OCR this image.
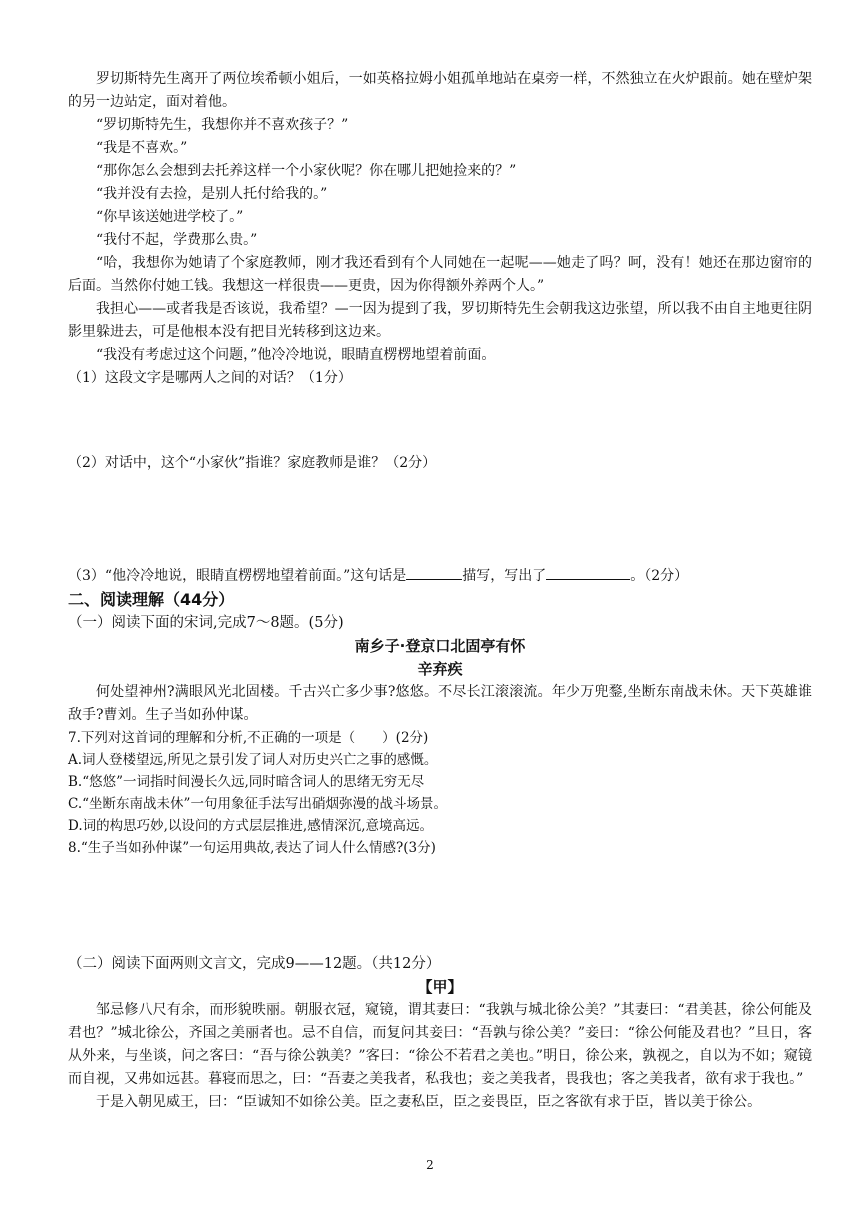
罗切斯特先生离开了两位埃希顿小姐后，一如英格拉姆小姐孤单地站在桌旁一样，不然独立在火炉跟前。她在壁炉架的另一边站定，面对着他。

“罗切斯特先生，我想你并不喜欢孩子？”

“我是不喜欢。”

“那你怎么会想到去托养这样一个小家伙呢？你在哪儿把她捡来的？”

“我并没有去捡，是别人托付给我的。”

“你早该送她进学校了。”

“我付不起，学费那么贵。”

“哈，我想你为她请了个家庭教师，刚才我还看到有个人同她在一起呢——她走了吗？呵，没有！她还在那边窗帘的后面。当然你付她工钱。我想这一样很贵——更贵，因为你得额外养两个人。”

我担心——或者我是否该说，我希望？—一因为提到了我，罗切斯特先生会朝我这边张望，所以我不由自主地更往阴影里躲进去，可是他根本没有把目光转移到这边来。

“我没有考虑过这个问题，”他冷冷地说，眼睛直楞楞地望着前面。

（1）这段文字是哪两人之间的对话？（1分）

（2）对话中，这个“小家伙”指谁？家庭教师是谁？（2分）

（3）“他冷冷地说，眼睛直楞楞地望着前面。”这句话是	描写，写出了	。（2分）

二、阅读理解（44分）

（一）阅读下面的宋词,完成7～8题。(5分)

南乡子·登京口北固亭有怀

辛弃疾

何处望神州?满眼风光北固楼。千古兴亡多少事?悠悠。不尽长江滚滚流。年少万兜鍪,坐断东南战未休。天下英雄谁敌手?曹刘。生子当如孙仲谋。

7.下列对这首词的理解和分析,不正确的一项是（　　）(2分)

A.词人登楼望远,所见之景引发了词人对历史兴亡之事的感慨。

B.“悠悠”一词指时间漫长久远,同时暗含词人的思绪无穷无尽

C.“坐断东南战未休”一句用象征手法写出硝烟弥漫的战斗场景。

D.词的构思巧妙,以设问的方式层层推进,感情深沉,意境高远。

8.“生子当如孙仲谋”一句运用典故,表达了词人什么情感?(3分)

（二）阅读下面两则文言文，完成9——12题。（共12分）

【甲】

邹忌修八尺有余，而形貌昳丽。朝服衣冠，窥镜，谓其妻曰：“我孰与城北徐公美？”其妻曰：“君美甚，徐公何能及君也？”城北徐公，齐国之美丽者也。忌不自信，而复问其妾曰：“吾孰与徐公美？”妾曰：“徐公何能及君也？”旦日，客从外来，与坐谈，问之客曰：“吾与徐公孰美？”客曰：“徐公不若君之美也。”明日，徐公来，孰视之，自以为不如；窥镜而自视，又弗如远甚。暮寝而思之，曰：“吾妻之美我者，私我也；妾之美我者，畏我也；客之美我者，欲有求于我也。”

于是入朝见威王，曰：“臣诚知不如徐公美。臣之妻私臣，臣之妾畏臣，臣之客欲有求于臣，皆以美于徐公。

2
